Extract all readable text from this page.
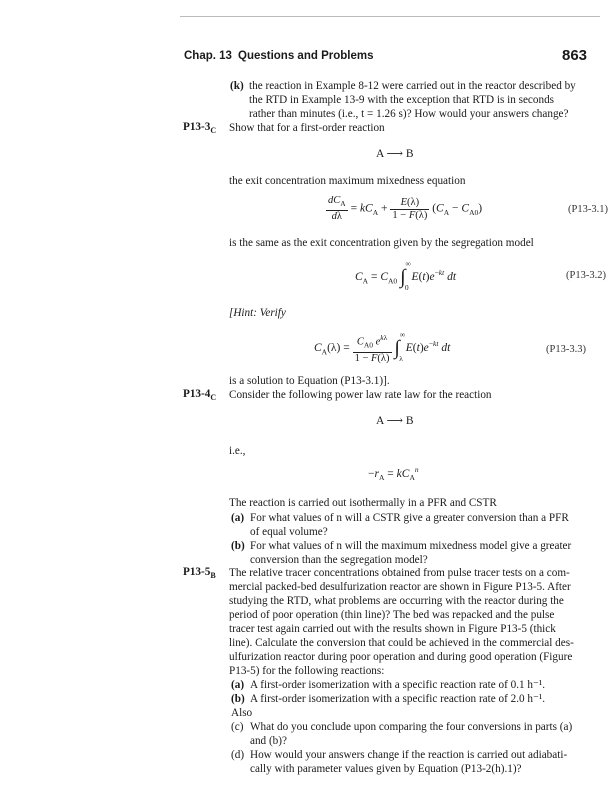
Chap. 13 Questions and Problems	863
(k) the reaction in Example 8-12 were carried out in the reactor described by
the RTD in Example 13-9 with the exception that RTD is in seconds
rather than minutes (i.e., t = 1.26 s)? How would your answers change?
$P13-3_C$ Show that for a first-order reaction
A ⟶ B
the exit concentration maximum mixedness equation
$\frac{dC_A}{d\lambda} = kC_A + \frac{E(\lambda)}{1 - F(\lambda)} (C_A - C_{A0})$	(P13-3.1)
is the same as the exit concentration given by the segregation model
$C_A = C_{A0}$ $\int^\infty_0$ $E(t)e^{-kt}$ dt	(P13-3.2)
[Hint: Verify
$C_A(\lambda) = \frac{C_{A0} e^{k\lambda}}{1 - F(\lambda)} \int^\infty_\lambda$ $E(t)e^{-kt}$ dt	(P13-3.3)
is a solution to Equation (P13-3.1)].
$P13-4_C$ Consider the following power law rate law for the reaction
A ⟶ B
i.e.,
$-r_A = kC_A^n$
The reaction is carried out isothermally in a PFR and CSTR
(a) For what values of n will a CSTR give a greater conversion than a PFR
of equal volume?
(b) For what values of n will the maximum mixedness model give a greater
conversion than the segregation model?
$P13-5_B$ The relative tracer concentrations obtained from pulse tracer tests on a com-
mercial packed-bed desulfurization reactor are shown in Figure P13-5. After
studying the RTD, what problems are occurring with the reactor during the
period of poor operation (thin line)? The bed was repacked and the pulse
tracer test again carried out with the results shown in Figure P13-5 (thick
line). Calculate the conversion that could be achieved in the commercial des-
ulfurization reactor during poor operation and during good operation (Figure
P13-5) for the following reactions:
(a) A first-order isomerization with a specific reaction rate of 0.1 h⁻¹.
(b) A first-order isomerization with a specific reaction rate of 2.0 h⁻¹.
Also
(c) What do you conclude upon comparing the four conversions in parts (a)
and (b)?
(d) How would your answers change if the reaction is carried out adiabati-
cally with parameter values given by Equation (P13-2(h).1)?
